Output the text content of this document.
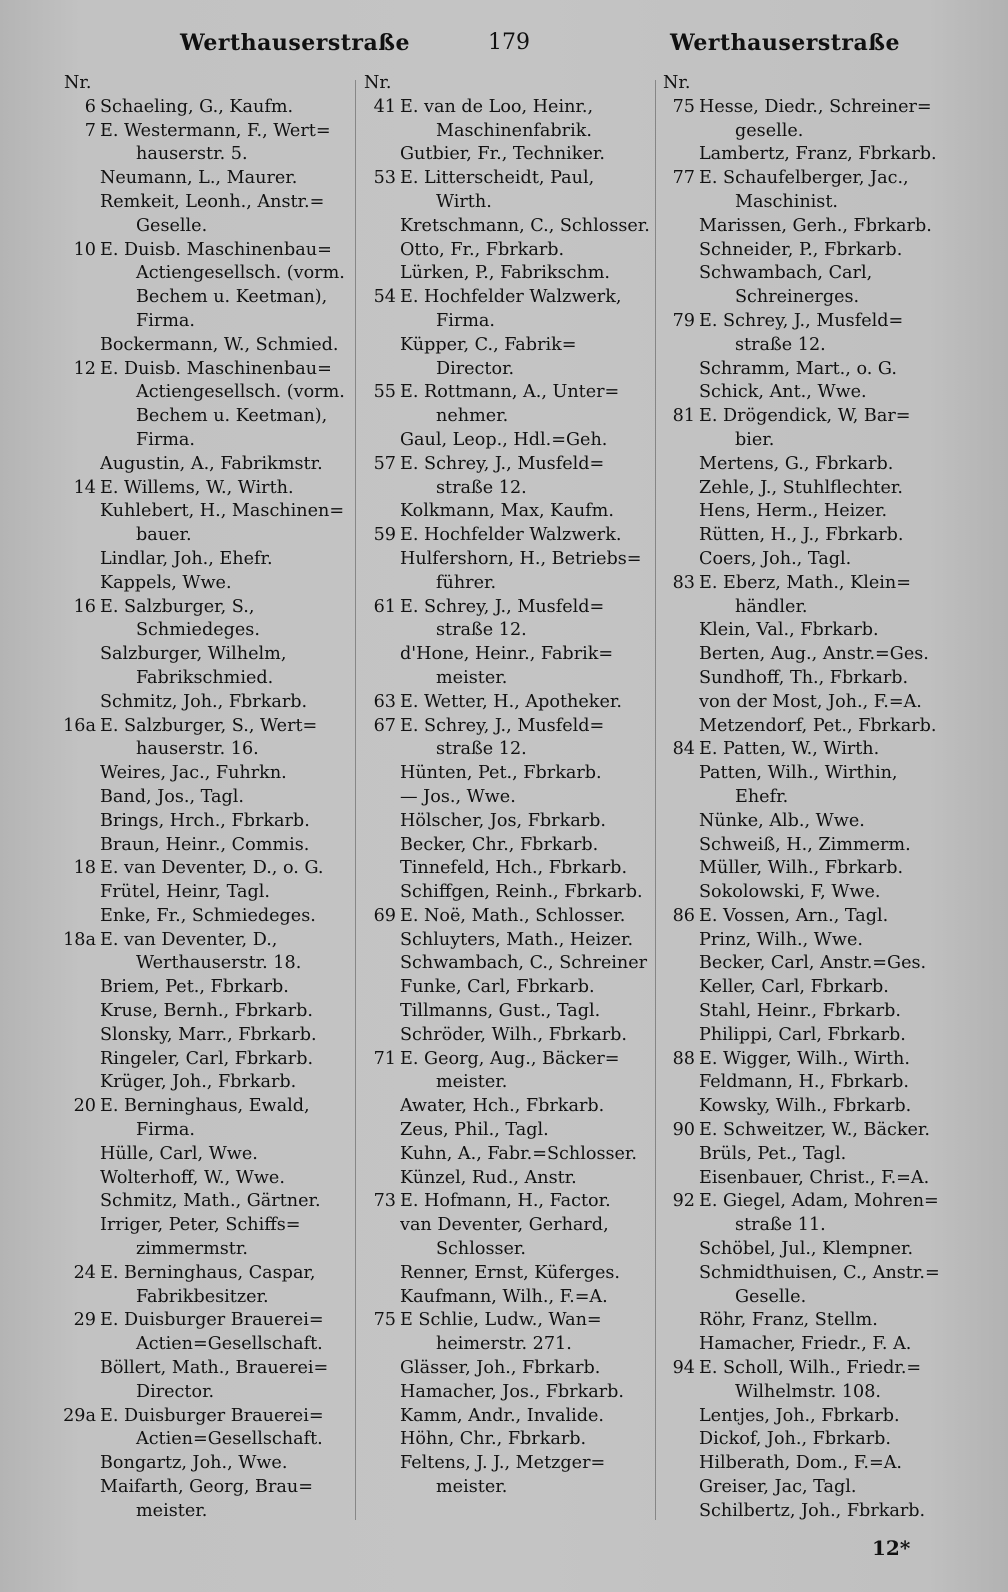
Werthauserstraße	179	Werthauserstraße
Nr.
6 Schaeling, G., Kaufm.
7 E. Westermann, F., Wert=
hauserstr. 5.
Neumann, L., Maurer.
Remkeit, Leonh., Anstr.=
Geselle.
10 E. Duisb. Maschinenbau=
Actiengesellsch. (vorm.
Bechem u. Keetman),
Firma.
Bockermann, W., Schmied.
12 E. Duisb. Maschinenbau=
Actiengesellsch. (vorm.
Bechem u. Keetman),
Firma.
Augustin, A., Fabrikmstr.
14 E. Willems, W., Wirth.
Kuhlebert, H., Maschinen=
bauer.
Lindlar, Joh., Ehefr.
Kappels, Wwe.
16 E. Salzburger, S.,
Schmiedeges.
Salzburger, Wilhelm,
Fabrikschmied.
Schmitz, Joh., Fbrkarb.
16a E. Salzburger, S., Wert=
hauserstr. 16.
Weires, Jac., Fuhrkn.
Band, Jos., Tagl.
Brings, Hrch., Fbrkarb.
Braun, Heinr., Commis.
18 E. van Deventer, D., o. G.
Frütel, Heinr, Tagl.
Enke, Fr., Schmiedeges.
18a E. van Deventer, D.,
Werthauserstr. 18.
Briem, Pet., Fbrkarb.
Kruse, Bernh., Fbrkarb.
Slonsky, Marr., Fbrkarb.
Ringeler, Carl, Fbrkarb.
Krüger, Joh., Fbrkarb.
20 E. Berninghaus, Ewald,
Firma.
Hülle, Carl, Wwe.
Wolterhoff, W., Wwe.
Schmitz, Math., Gärtner.
Irriger, Peter, Schiffs=
zimmermstr.
24 E. Berninghaus, Caspar,
Fabrikbesitzer.
29 E. Duisburger Brauerei=
Actien=Gesellschaft.
Böllert, Math., Brauerei=
Director.
29a E. Duisburger Brauerei=
Actien=Gesellschaft.
Bongartz, Joh., Wwe.
Maifarth, Georg, Brau=
meister.
Nr.
41 E. van de Loo, Heinr.,
Maschinenfabrik.
Gutbier, Fr., Techniker.
53 E. Litterscheidt, Paul,
Wirth.
Kretschmann, C., Schlosser.
Otto, Fr., Fbrkarb.
Lürken, P., Fabrikschm.
54 E. Hochfelder Walzwerk,
Firma.
Küpper, C., Fabrik=
Director.
55 E. Rottmann, A., Unter=
nehmer.
Gaul, Leop., Hdl.=Geh.
57 E. Schrey, J., Musfeld=
straße 12.
Kolkmann, Max, Kaufm.
59 E. Hochfelder Walzwerk.
Hulfershorn, H., Betriebs=
führer.
61 E. Schrey, J., Musfeld=
straße 12.
d'Hone, Heinr., Fabrik=
meister.
63 E. Wetter, H., Apotheker.
67 E. Schrey, J., Musfeld=
straße 12.
Hünten, Pet., Fbrkarb.
— Jos., Wwe.
Hölscher, Jos, Fbrkarb.
Becker, Chr., Fbrkarb.
Tinnefeld, Hch., Fbrkarb.
Schiffgen, Reinh., Fbrkarb.
69 E. Noë, Math., Schlosser.
Schluyters, Math., Heizer.
Schwambach, C., Schreiner
Funke, Carl, Fbrkarb.
Tillmanns, Gust., Tagl.
Schröder, Wilh., Fbrkarb.
71 E. Georg, Aug., Bäcker=
meister.
Awater, Hch., Fbrkarb.
Zeus, Phil., Tagl.
Kuhn, A., Fabr.=Schlosser.
Künzel, Rud., Anstr.
73 E. Hofmann, H., Factor.
van Deventer, Gerhard,
Schlosser.
Renner, Ernst, Küferges.
Kaufmann, Wilh., F.=A.
75 E Schlie, Ludw., Wan=
heimerstr. 271.
Glässer, Joh., Fbrkarb.
Hamacher, Jos., Fbrkarb.
Kamm, Andr., Invalide.
Höhn, Chr., Fbrkarb.
Feltens, J. J., Metzger=
meister.
Nr.
75 Hesse, Diedr., Schreiner=
geselle.
Lambertz, Franz, Fbrkarb.
77 E. Schaufelberger, Jac.,
Maschinist.
Marissen, Gerh., Fbrkarb.
Schneider, P., Fbrkarb.
Schwambach, Carl,
Schreinerges.
79 E. Schrey, J., Musfeld=
straße 12.
Schramm, Mart., o. G.
Schick, Ant., Wwe.
81 E. Drögendick, W, Bar=
bier.
Mertens, G., Fbrkarb.
Zehle, J., Stuhlflechter.
Hens, Herm., Heizer.
Rütten, H., J., Fbrkarb.
Coers, Joh., Tagl.
83 E. Eberz, Math., Klein=
händler.
Klein, Val., Fbrkarb.
Berten, Aug., Anstr.=Ges.
Sundhoff, Th., Fbrkarb.
von der Most, Joh., F.=A.
Metzendorf, Pet., Fbrkarb.
84 E. Patten, W., Wirth.
Patten, Wilh., Wirthin,
Ehefr.
Nünke, Alb., Wwe.
Schweiß, H., Zimmerm.
Müller, Wilh., Fbrkarb.
Sokolowski, F, Wwe.
86 E. Vossen, Arn., Tagl.
Prinz, Wilh., Wwe.
Becker, Carl, Anstr.=Ges.
Keller, Carl, Fbrkarb.
Stahl, Heinr., Fbrkarb.
Philippi, Carl, Fbrkarb.
88 E. Wigger, Wilh., Wirth.
Feldmann, H., Fbrkarb.
Kowsky, Wilh., Fbrkarb.
90 E. Schweitzer, W., Bäcker.
Brüls, Pet., Tagl.
Eisenbauer, Christ., F.=A.
92 E. Giegel, Adam, Mohren=
straße 11.
Schöbel, Jul., Klempner.
Schmidthuisen, C., Anstr.=
Geselle.
Röhr, Franz, Stellm.
Hamacher, Friedr., F. A.
94 E. Scholl, Wilh., Friedr.=
Wilhelmstr. 108.
Lentjes, Joh., Fbrkarb.
Dickof, Joh., Fbrkarb.
Hilberath, Dom., F.=A.
Greiser, Jac, Tagl.
Schilbertz, Joh., Fbrkarb.
12*
